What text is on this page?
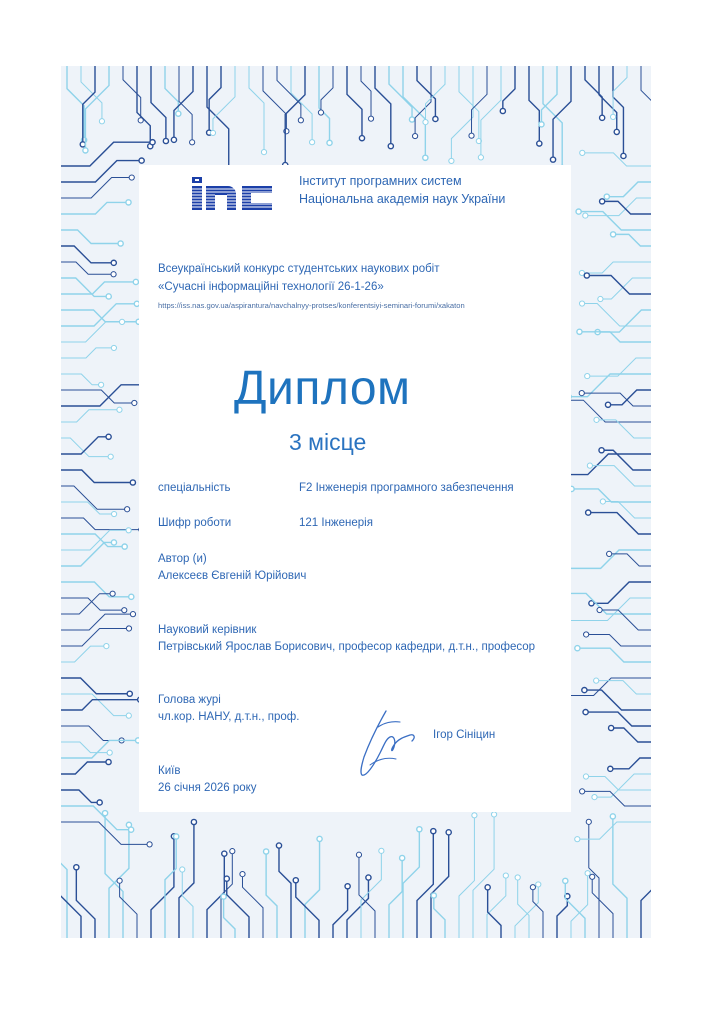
Інститут програмних систем
Національна академія наук України
Всеукраїнський конкурс студентських наукових робіт
«Сучасні інформаційні технології 26-1-26»
https://iss.nas.gov.ua/aspirantura/navchalnyy-protses/konferentsiyi-seminari-forumi/xakaton
Диплом
3 місце
спеціальність	F2 Інженерія програмного забезпечення
Шифр роботи	121 Інженерія
Автор (и)
Алексеєв Євгеній Юрійович
Науковий керівник
Петрівський Ярослав Борисович, професор кафедри, д.т.н., професор
Голова журі
чл.кор. НАНУ, д.т.н., проф.
Ігор Сініцин
Київ
26 січня 2026 року
